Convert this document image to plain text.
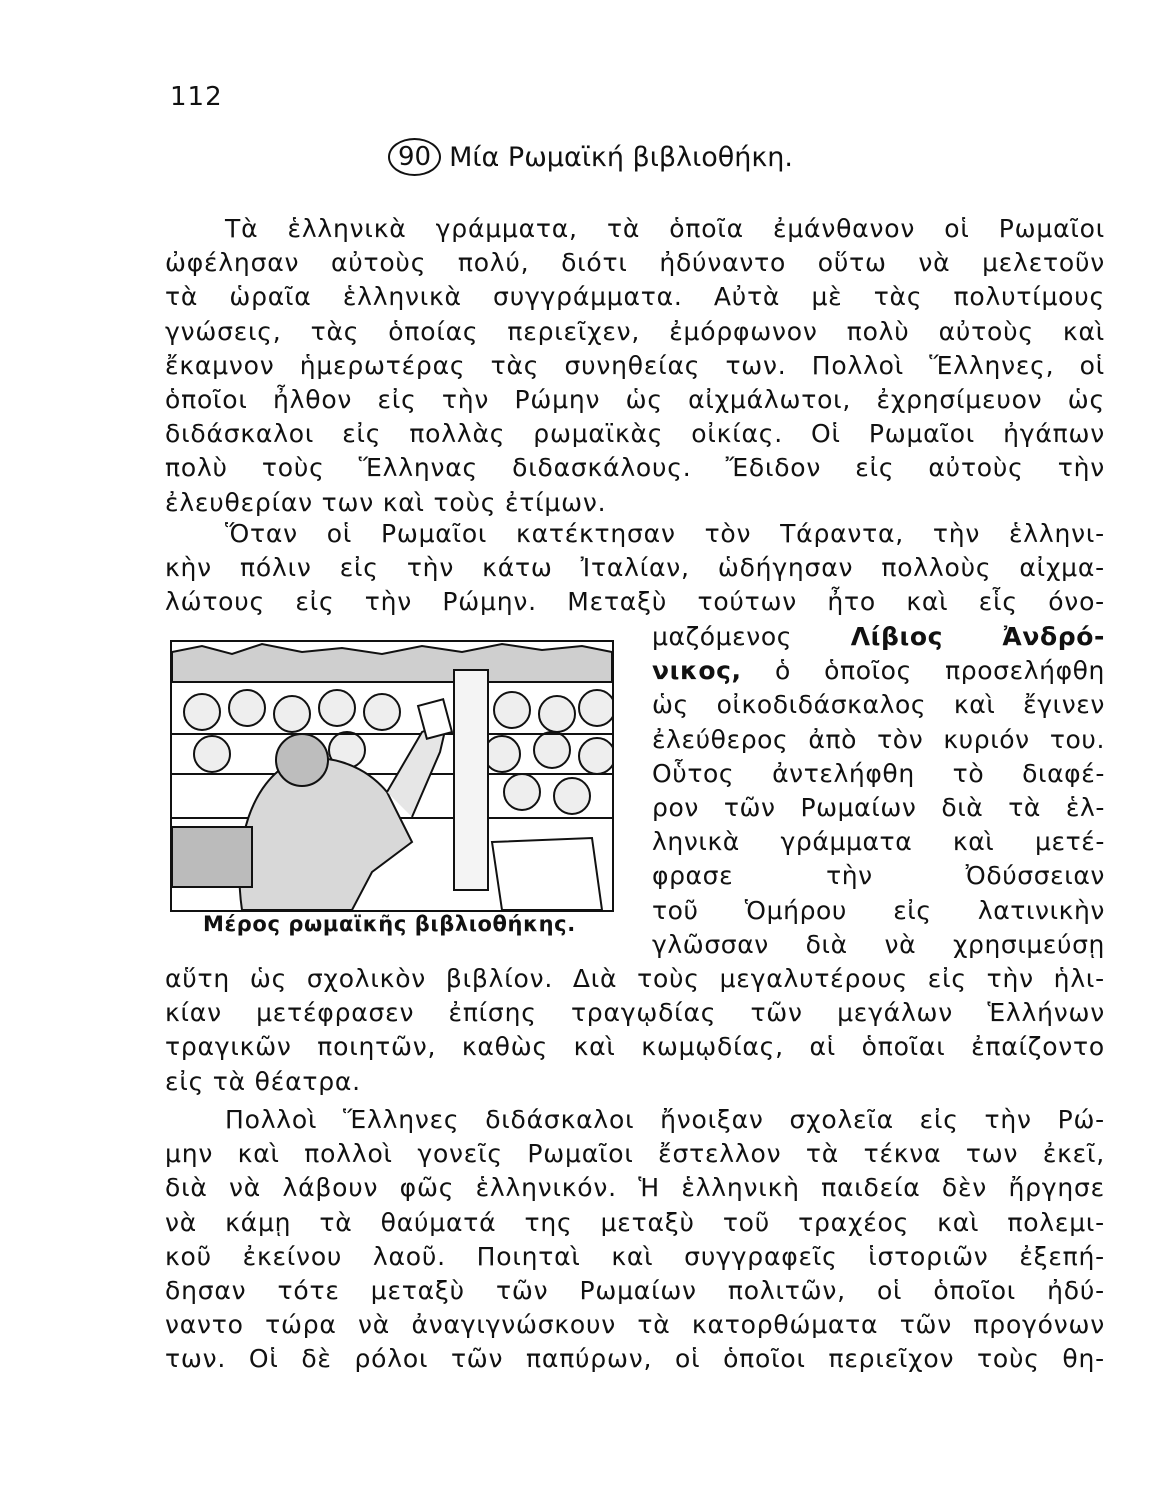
112
90 Μία Ρωμαϊκή βιβλιοθήκη.
Τὰ ἑλληνικὰ γράμματα, τὰ ὁποῖα ἐμάνθανον οἱ Ρωμαῖοι
ὠφέλησαν αὐτοὺς πολύ, διότι ἠδύναντο οὕτω νὰ μελετοῦν
τὰ ὡραῖα ἑλληνικὰ συγγράμματα. Αὐτὰ μὲ τὰς πολυτίμους
γνώσεις, τὰς ὁποίας περιεῖχεν, ἐμόρφωνον πολὺ αὐτοὺς καὶ
ἔκαμνον ἡμερωτέρας τὰς συνηθείας των. Πολλοὶ Ἕλληνες, οἱ
ὁποῖοι ἦλθον εἰς τὴν Ρώμην ὡς αἰχμάλωτοι, ἐχρησίμευον ὡς
διδάσκαλοι εἰς πολλὰς ρωμαϊκὰς οἰκίας. Οἱ Ρωμαῖοι ἠγάπων
πολὺ τοὺς Ἕλληνας διδασκάλους. Ἔδιδον εἰς αὐτοὺς τὴν
ἐλευθερίαν των καὶ τοὺς ἐτίμων.
Ὅταν οἱ Ρωμαῖοι κατέκτησαν τὸν Τάραντα, τὴν ἑλληνι-
κὴν πόλιν εἰς τὴν κάτω Ἰταλίαν, ὡδήγησαν πολλοὺς αἰχμα-
λώτους εἰς τὴν Ρώμην. Μεταξὺ τούτων ἦτο καὶ εἷς όνο-
Μέρος ρωμαϊκῆς βιβλιοθήκης.
μαζόμενος Λίβιος Ἀνδρό-
νικος, ὁ ὁποῖος προσελήφθη
ὡς οἰκοδιδάσκαλος καὶ ἔγινεν
ἐλεύθερος ἀπὸ τὸν κυριόν του.
Οὗτος ἀντελήφθη τὸ διαφέ-
ρον τῶν Ρωμαίων διὰ τὰ ἑλ-
ληνικὰ γράμματα καὶ μετέ-
φρασε τὴν Ὀδύσσειαν
τοῦ Ὁμήρου εἰς λατινικὴν
γλῶσσαν διὰ νὰ χρησιμεύσῃ
αὕτη ὡς σχολικὸν βιβλίον. Διὰ τοὺς μεγαλυτέρους εἰς τὴν ἡλι-
κίαν μετέφρασεν ἐπίσης τραγῳδίας τῶν μεγάλων Ἑλλήνων
τραγικῶν ποιητῶν, καθὼς καὶ κωμῳδίας, αἱ ὁποῖαι ἐπαίζοντο
εἰς τὰ θέατρα.
Πολλοὶ Ἕλληνες διδάσκαλοι ἤνοιξαν σχολεῖα εἰς τὴν Ρώ-
μην καὶ πολλοὶ γονεῖς Ρωμαῖοι ἔστελλον τὰ τέκνα των ἐκεῖ,
διὰ νὰ λάβουν φῶς ἑλληνικόν. Ἡ ἑλληνικὴ παιδεία δὲν ἤργησε
νὰ κάμῃ τὰ θαύματά της μεταξὺ τοῦ τραχέος καὶ πολεμι-
κοῦ ἐκείνου λαοῦ. Ποιηταὶ καὶ συγγραφεῖς ἱστοριῶν ἐξεπή-
δησαν τότε μεταξὺ τῶν Ρωμαίων πολιτῶν, οἱ ὁποῖοι ἠδύ-
ναντο τώρα νὰ ἀναγιγνώσκουν τὰ κατορθώματα τῶν προγόνων
των. Οἱ δὲ ρόλοι τῶν παπύρων, οἱ ὁποῖοι περιεῖχον τοὺς θη-
